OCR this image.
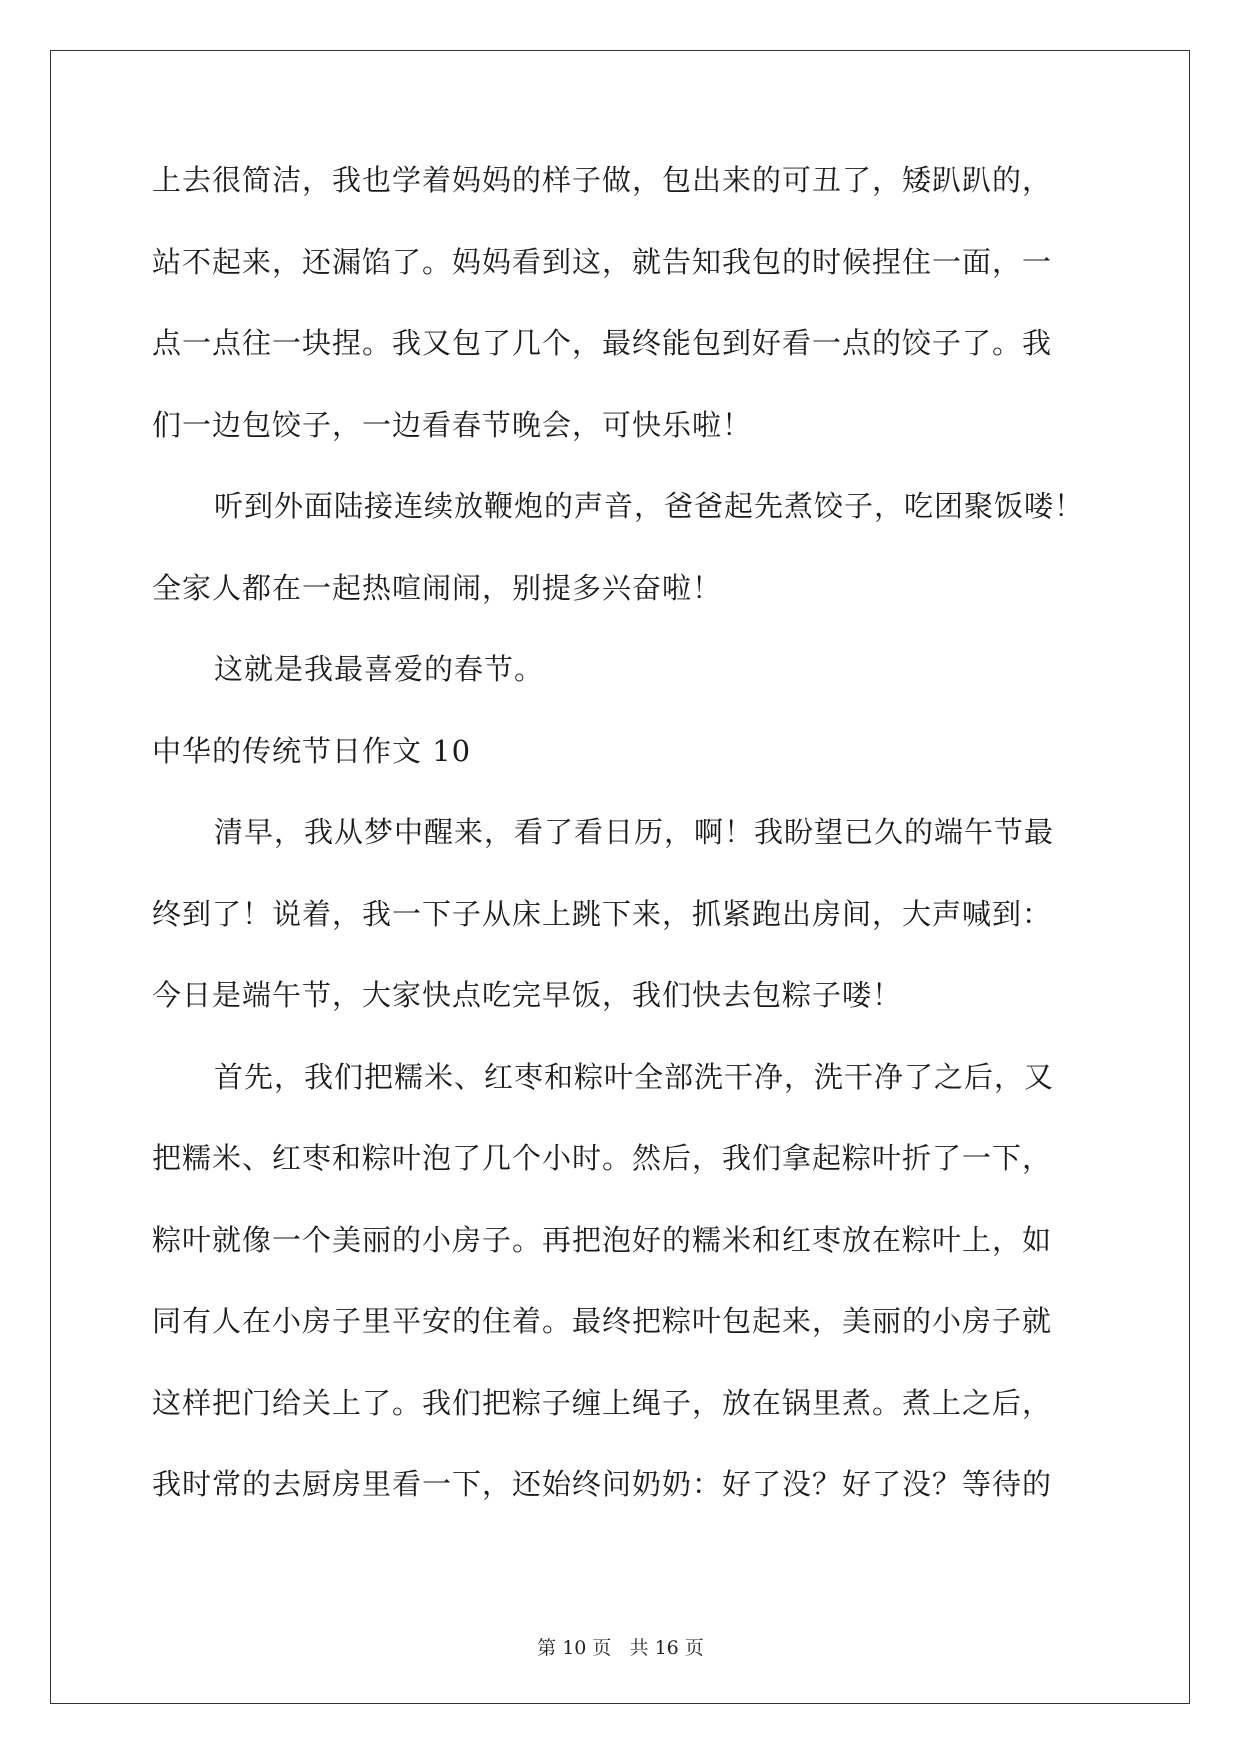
上去很简洁，我也学着妈妈的样子做，包出来的可丑了，矮趴趴的，
站不起来，还漏馅了。妈妈看到这，就告知我包的时候捏住一面，一
点一点往一块捏。我又包了几个，最终能包到好看一点的饺子了。我
们一边包饺子，一边看春节晚会，可快乐啦！
听到外面陆接连续放鞭炮的声音，爸爸起先煮饺子，吃团聚饭喽！
全家人都在一起热喧闹闹，别提多兴奋啦！
这就是我最喜爱的春节。
中华的传统节日作文 10
清早，我从梦中醒来，看了看日历，啊！我盼望已久的端午节最
终到了！说着，我一下子从床上跳下来，抓紧跑出房间，大声喊到：
今日是端午节，大家快点吃完早饭，我们快去包粽子喽！
首先，我们把糯米、红枣和粽叶全部洗干净，洗干净了之后，又
把糯米、红枣和粽叶泡了几个小时。然后，我们拿起粽叶折了一下，
粽叶就像一个美丽的小房子。再把泡好的糯米和红枣放在粽叶上，如
同有人在小房子里平安的住着。最终把粽叶包起来，美丽的小房子就
这样把门给关上了。我们把粽子缠上绳子，放在锅里煮。煮上之后，
我时常的去厨房里看一下，还始终问奶奶：好了没？好了没？等待的
第 10 页   共 16 页
